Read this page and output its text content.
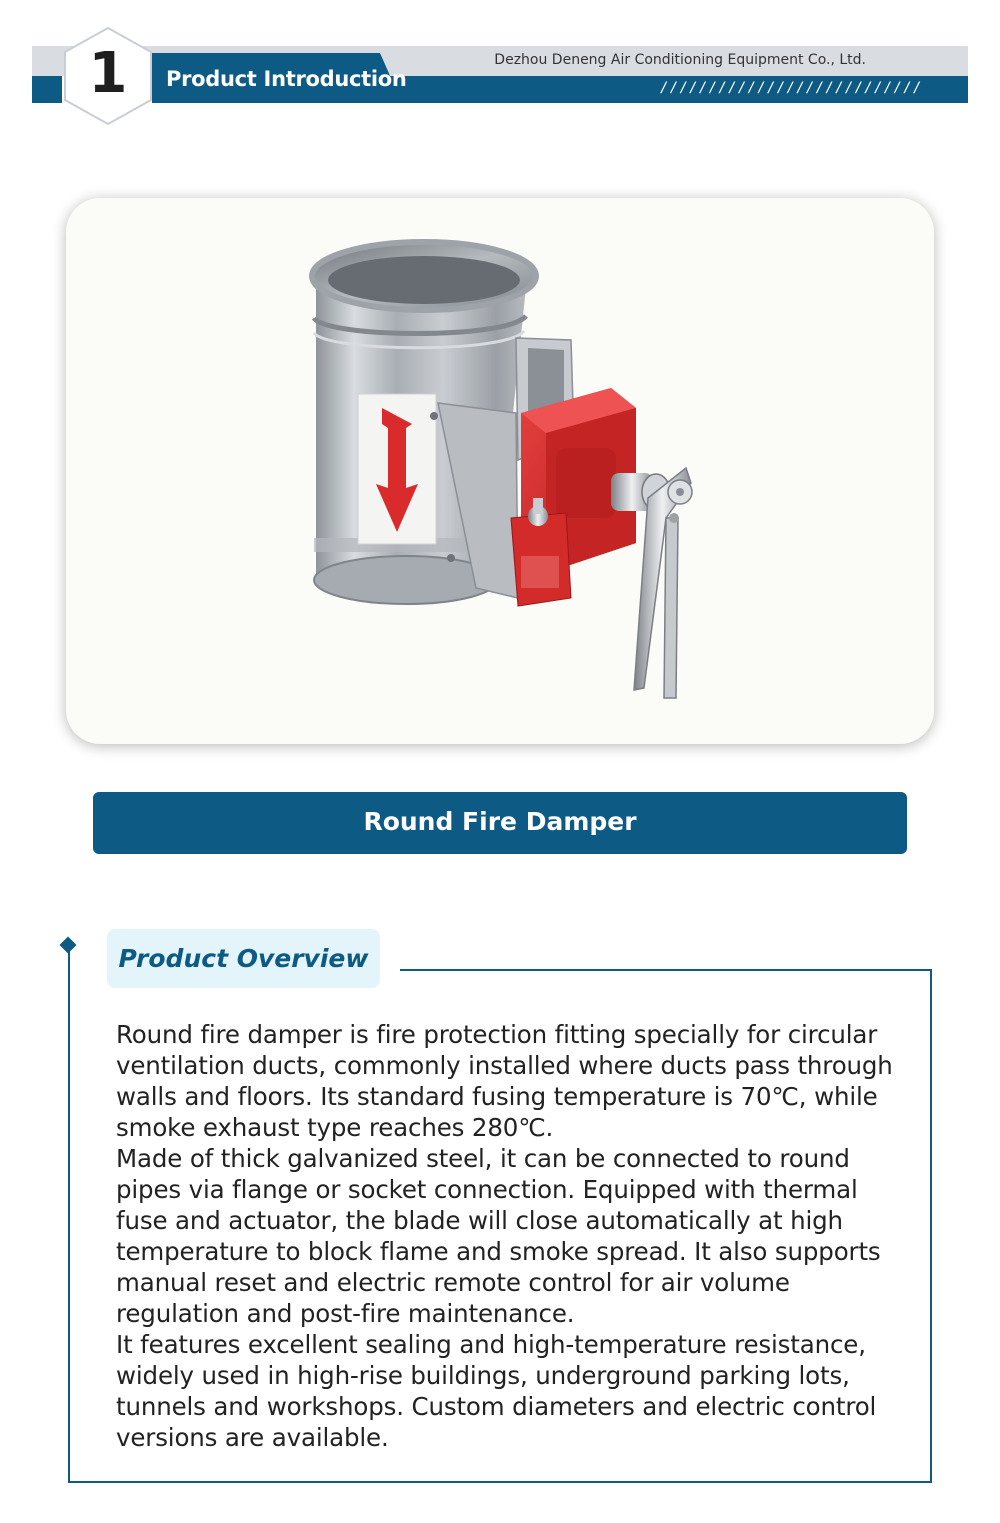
Product Introduction
Dezhou Deneng Air Conditioning Equipment Co., Ltd.
///////////////////////////
1
Round Fire Damper
Product Overview

Round fire damper is fire protection fitting specially for circular ventilation ducts, commonly installed where ducts pass through walls and floors. Its standard fusing temperature is 70℃, while smoke exhaust type reaches 280℃.

Made of thick galvanized steel, it can be connected to round pipes via flange or socket connection. Equipped with thermal fuse and actuator, the blade will close automatically at high temperature to block flame and smoke spread. It also supports manual reset and electric remote control for air volume regulation and post-fire maintenance.

It features excellent sealing and high-temperature resistance, widely used in high-rise buildings, underground parking lots, tunnels and workshops. Custom diameters and electric control versions are available.
